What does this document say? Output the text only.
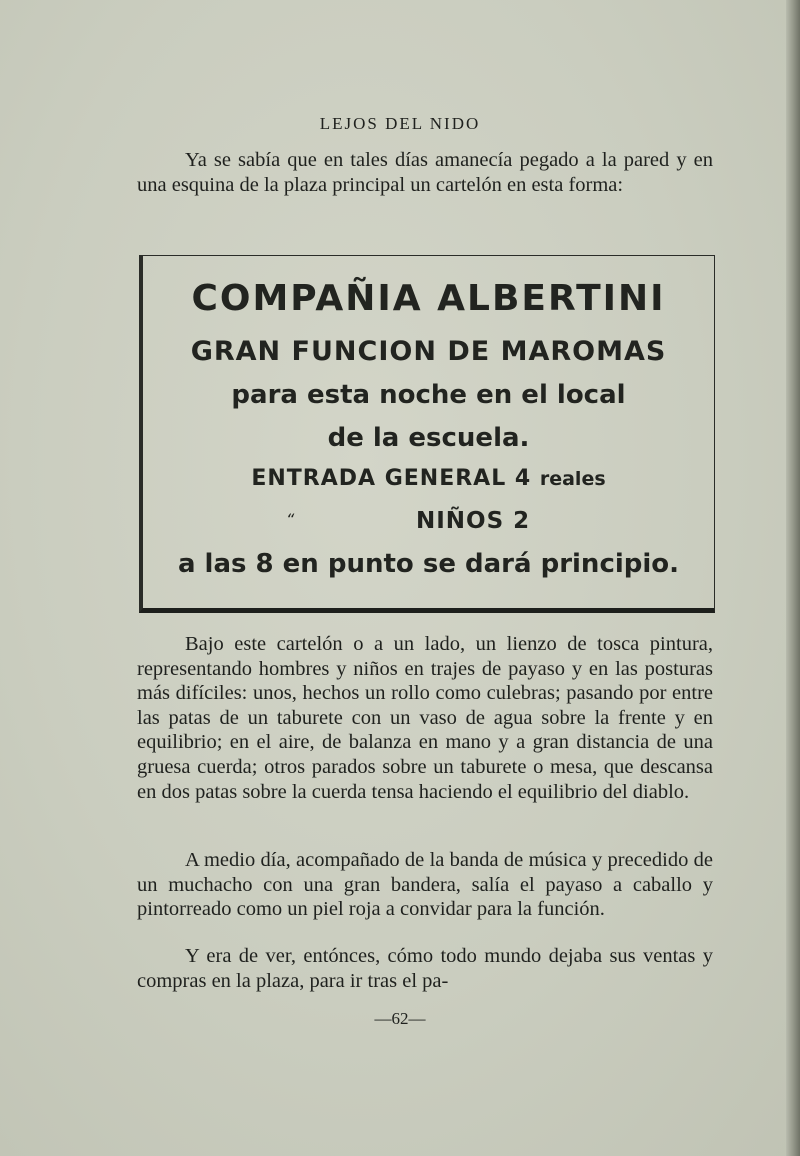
LEJOS DEL NIDO

Ya se sabía que en tales días amanecía pegado a la pared y en una esquina de la plaza principal un cartelón en esta forma:

COMPAÑIA ALBERTINI
GRAN FUNCION DE MAROMAS
para esta noche en el local
de la escuela.
ENTRADA GENERAL 4 reales
“	NIÑOS 2
a las 8 en punto se dará principio.

Bajo este cartelón o a un lado, un lienzo de tosca pintura, representando hombres y niños en trajes de payaso y en las posturas más difíciles: unos, hechos un rollo como culebras; pasando por entre las patas de un taburete con un vaso de agua sobre la frente y en equilibrio; en el aire, de balanza en mano y a gran distancia de una gruesa cuerda; otros parados sobre un taburete o mesa, que descansa en dos patas sobre la cuerda tensa haciendo el equilibrio del diablo.

A medio día, acompañado de la banda de música y precedido de un muchacho con una gran bandera, salía el payaso a caballo y pintorreado como un piel roja a convidar para la función.

Y era de ver, entónces, cómo todo mundo dejaba sus ventas y compras en la plaza, para ir tras el pa-

—62—
